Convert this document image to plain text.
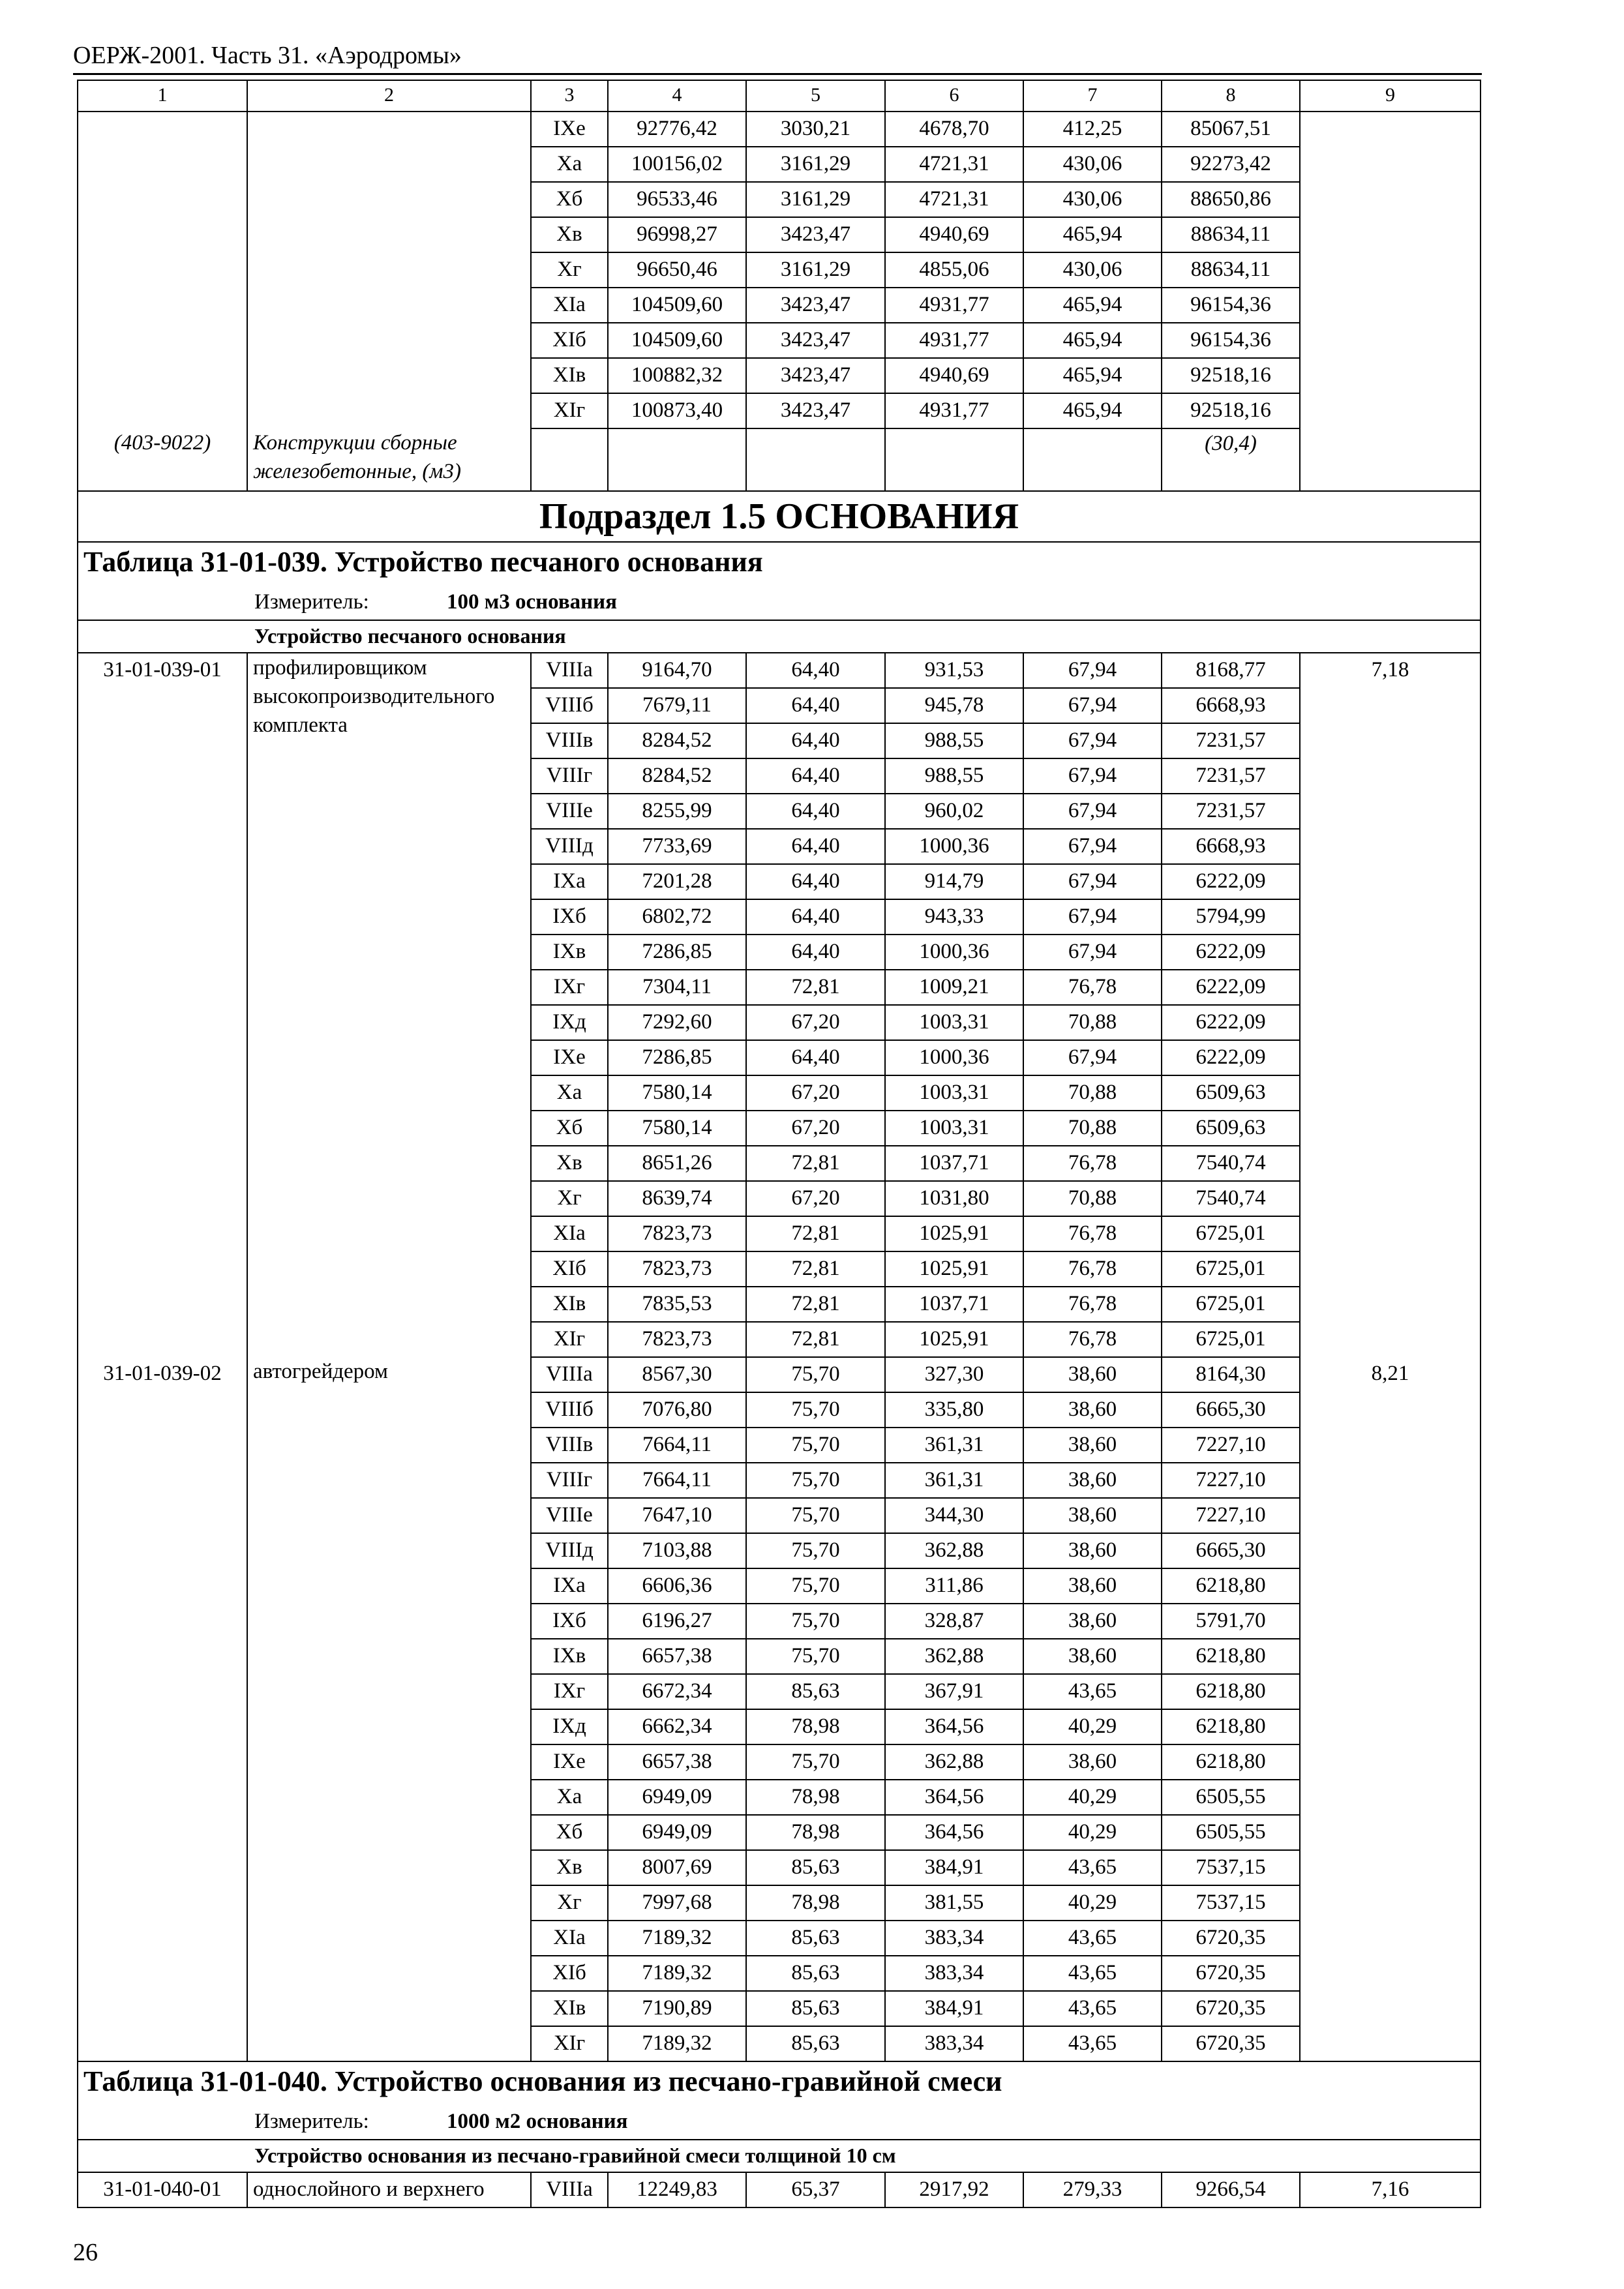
ОЕРЖ-2001. Часть 31. «Аэродромы»
1	2	3	4	5	6	7	8	9
		IXе	92776,42	3030,21	4678,70	412,25	85067,51	
		Xа	100156,02	3161,29	4721,31	430,06	92273,42	
		Xб	96533,46	3161,29	4721,31	430,06	88650,86	
		Xв	96998,27	3423,47	4940,69	465,94	88634,11	
		Xг	96650,46	3161,29	4855,06	430,06	88634,11	
		XIа	104509,60	3423,47	4931,77	465,94	96154,36	
		XIб	104509,60	3423,47	4931,77	465,94	96154,36	
		XIв	100882,32	3423,47	4940,69	465,94	92518,16	
		XIг	100873,40	3423,47	4931,77	465,94	92518,16	
(403-9022)	Конструкции сборные железобетонные, (м3)						(30,4)	
Подраздел 1.5 ОСНОВАНИЯ								
Таблица 31-01-039. Устройство песчаного основания								
Измеритель: 100 м3 основания								
Устройство песчаного основания								
31-01-039-01	профилировщиком высокопроизводительного комплекта	VIIIа	9164,70	64,40	931,53	67,94	8168,77	7,18
		VIIIб	7679,11	64,40	945,78	67,94	6668,93	
		VIIIв	8284,52	64,40	988,55	67,94	7231,57	
		VIIIг	8284,52	64,40	988,55	67,94	7231,57	
		VIIIе	8255,99	64,40	960,02	67,94	7231,57	
		VIIIд	7733,69	64,40	1000,36	67,94	6668,93	
		IXа	7201,28	64,40	914,79	67,94	6222,09	
		IXб	6802,72	64,40	943,33	67,94	5794,99	
		IXв	7286,85	64,40	1000,36	67,94	6222,09	
		IXг	7304,11	72,81	1009,21	76,78	6222,09	
		IXд	7292,60	67,20	1003,31	70,88	6222,09	
		IXе	7286,85	64,40	1000,36	67,94	6222,09	
		Xа	7580,14	67,20	1003,31	70,88	6509,63	
		Xб	7580,14	67,20	1003,31	70,88	6509,63	
		Xв	8651,26	72,81	1037,71	76,78	7540,74	
		Xг	8639,74	67,20	1031,80	70,88	7540,74	
		XIа	7823,73	72,81	1025,91	76,78	6725,01	
		XIб	7823,73	72,81	1025,91	76,78	6725,01	
		XIв	7835,53	72,81	1037,71	76,78	6725,01	
		XIг	7823,73	72,81	1025,91	76,78	6725,01	
31-01-039-02	автогрейдером	VIIIа	8567,30	75,70	327,30	38,60	8164,30	8,21
		VIIIб	7076,80	75,70	335,80	38,60	6665,30	
		VIIIв	7664,11	75,70	361,31	38,60	7227,10	
		VIIIг	7664,11	75,70	361,31	38,60	7227,10	
		VIIIе	7647,10	75,70	344,30	38,60	7227,10	
		VIIIд	7103,88	75,70	362,88	38,60	6665,30	
		IXа	6606,36	75,70	311,86	38,60	6218,80	
		IXб	6196,27	75,70	328,87	38,60	5791,70	
		IXв	6657,38	75,70	362,88	38,60	6218,80	
		IXг	6672,34	85,63	367,91	43,65	6218,80	
		IXд	6662,34	78,98	364,56	40,29	6218,80	
		IXе	6657,38	75,70	362,88	38,60	6218,80	
		Xа	6949,09	78,98	364,56	40,29	6505,55	
		Xб	6949,09	78,98	364,56	40,29	6505,55	
		Xв	8007,69	85,63	384,91	43,65	7537,15	
		Xг	7997,68	78,98	381,55	40,29	7537,15	
		XIа	7189,32	85,63	383,34	43,65	6720,35	
		XIб	7189,32	85,63	383,34	43,65	6720,35	
		XIв	7190,89	85,63	384,91	43,65	6720,35	
		XIг	7189,32	85,63	383,34	43,65	6720,35	
Таблица 31-01-040. Устройство основания из песчано-гравийной смеси								
Измеритель: 1000 м2 основания								
Устройство основания из песчано-гравийной смеси толщиной 10 см								
31-01-040-01	однослойного и верхнего	VIIIа	12249,83	65,37	2917,92	279,33	9266,54	7,16
26
